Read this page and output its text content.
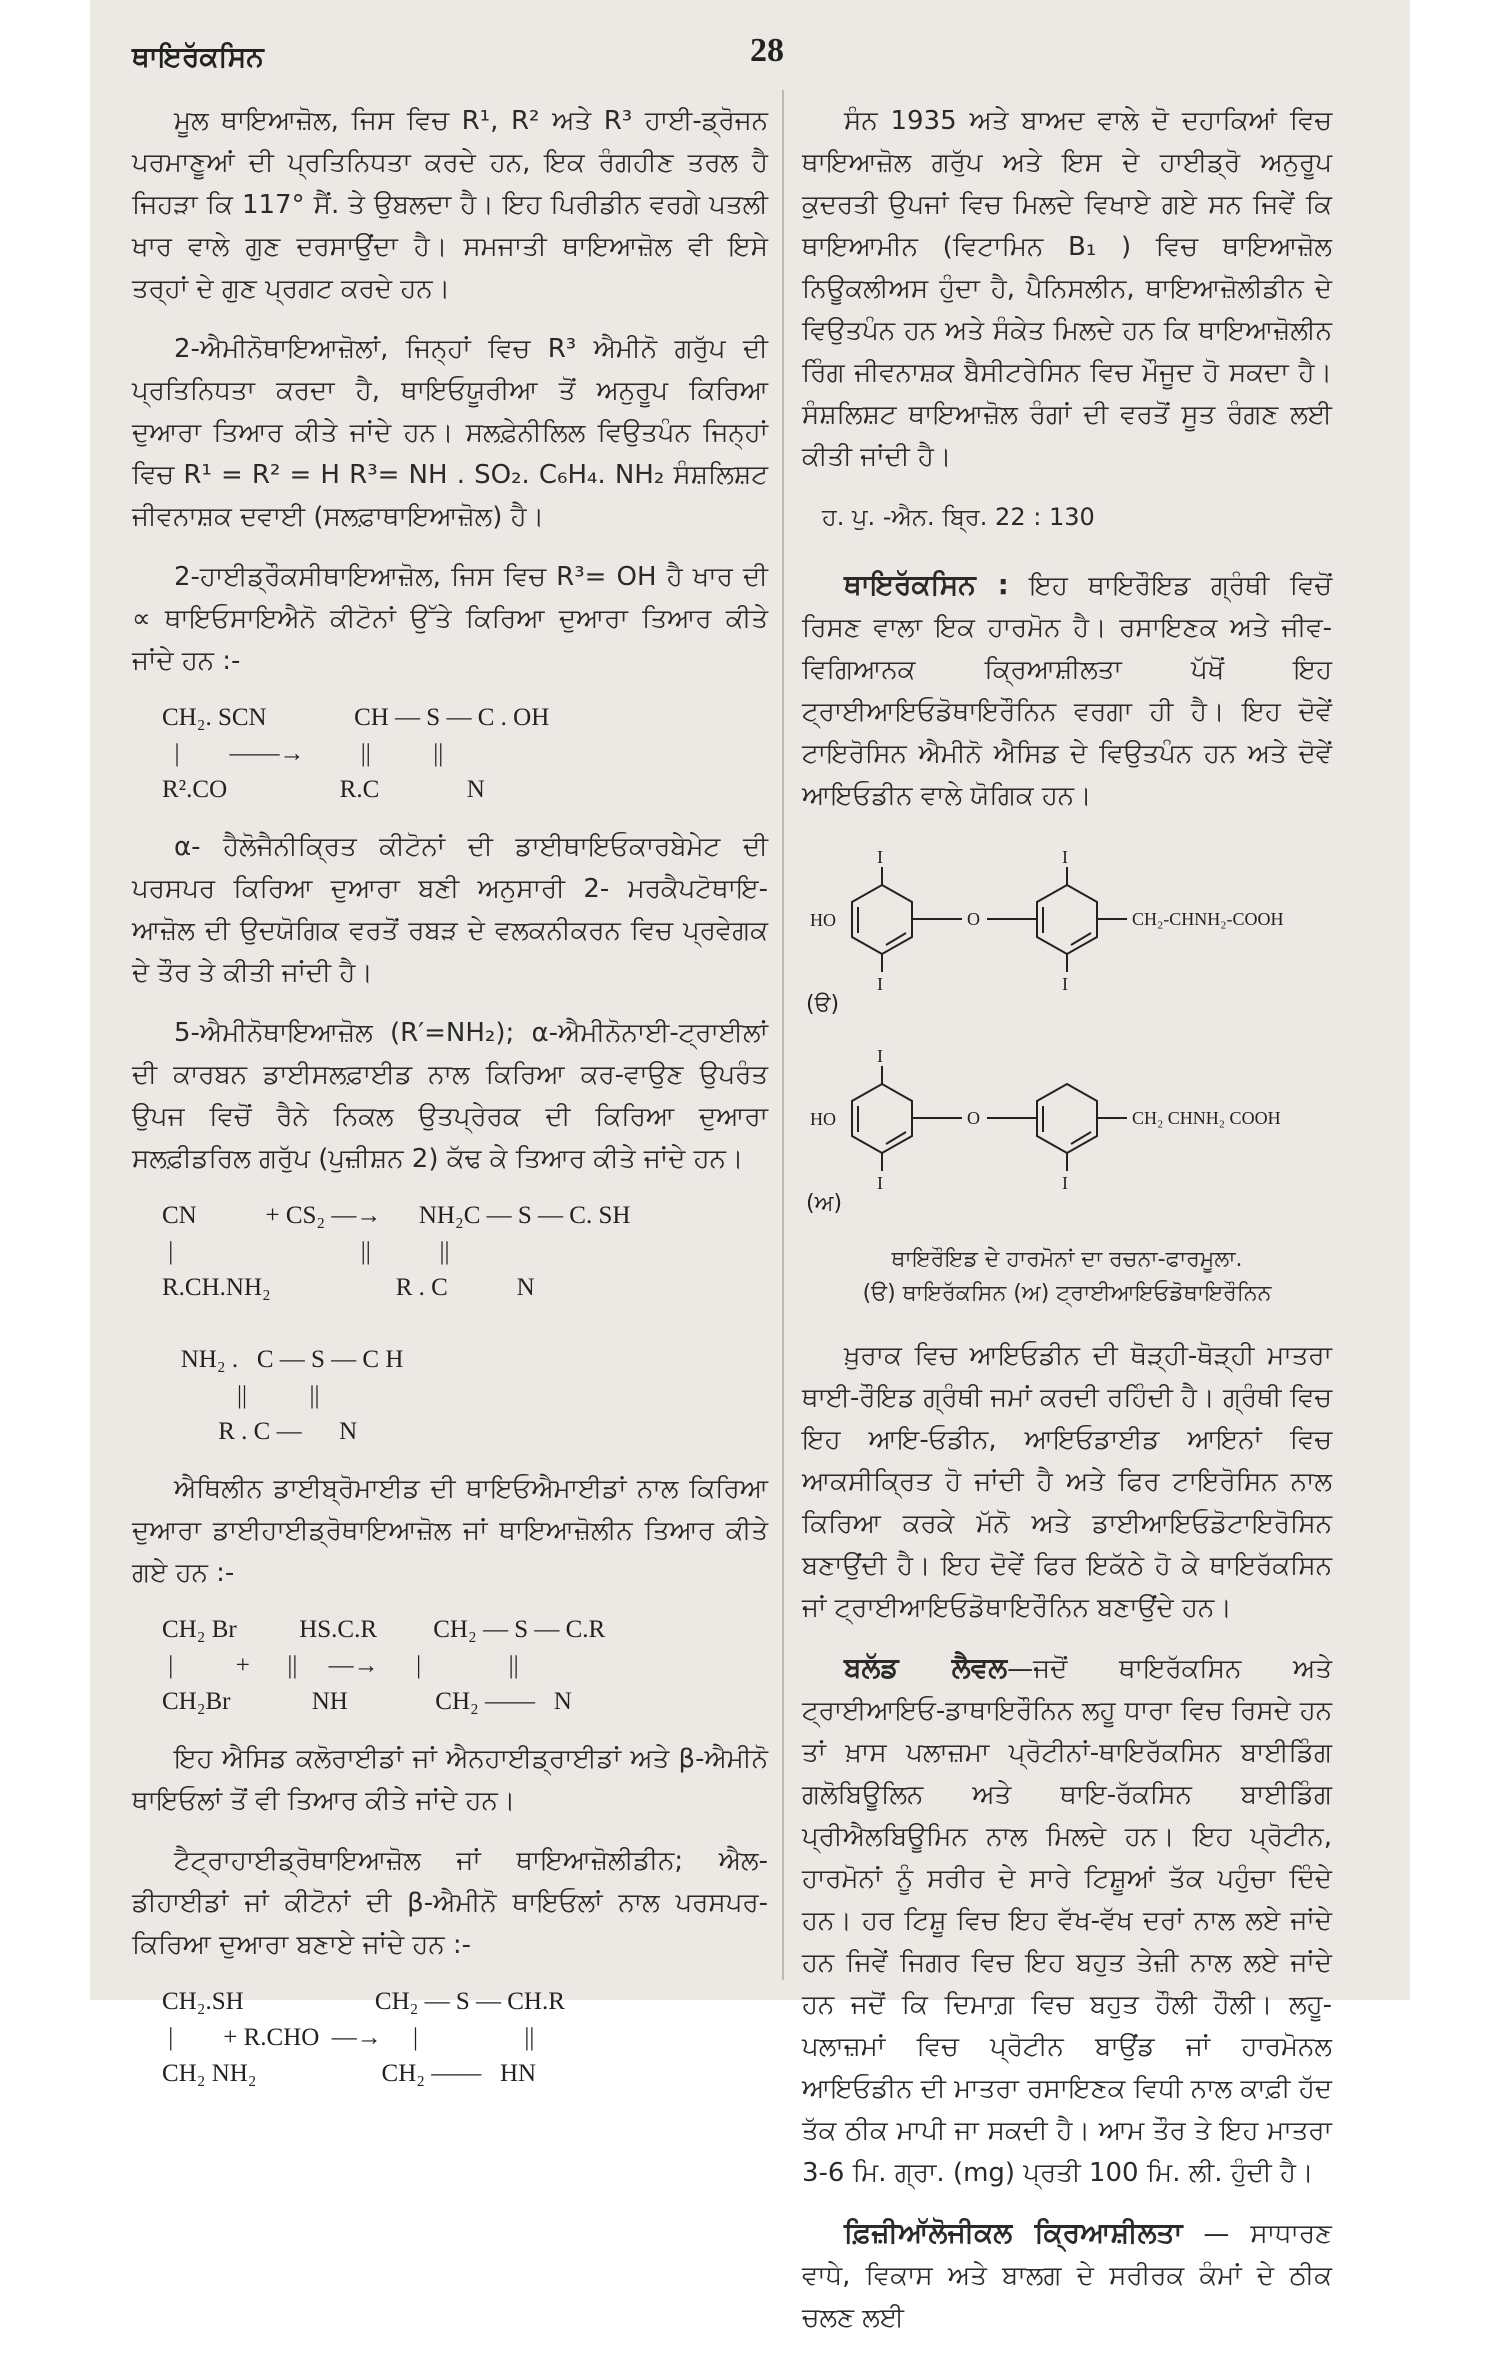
ਥਾਇਰੱਕਸਿਨ	28

ਮੂਲ ਥਾਇਆਜ਼ੋਲ, ਜਿਸ ਵਿਚ R¹, R² ਅਤੇ R³ ਹਾਈ-ਡ੍ਰੋਜਨ ਪਰਮਾਣੂਆਂ ਦੀ ਪ੍ਰਤਿਨਿਧਤਾ ਕਰਦੇ ਹਨ, ਇਕ ਰੰਗਹੀਣ ਤਰਲ ਹੈ ਜਿਹੜਾ ਕਿ 117° ਸੈਂ. ਤੇ ਉਬਲਦਾ ਹੈ। ਇਹ ਪਿਰੀਡੀਨ ਵਰਗੇ ਪਤਲੀ ਖਾਰ ਵਾਲੇ ਗੁਣ ਦਰਸਾਉਂਦਾ ਹੈ। ਸਮਜਾਤੀ ਥਾਇਆਜ਼ੋਲ ਵੀ ਇਸੇ ਤਰ੍ਹਾਂ ਦੇ ਗੁਣ ਪ੍ਰਗਟ ਕਰਦੇ ਹਨ।

2-ਐਮੀਨੋਥਾਇਆਜ਼ੋਲਾਂ, ਜਿਨ੍ਹਾਂ ਵਿਚ R³ ਐਮੀਨੋ ਗਰੁੱਪ ਦੀ ਪ੍ਰਤਿਨਿਧਤਾ ਕਰਦਾ ਹੈ, ਥਾਇਓਯੂਰੀਆ ਤੋਂ ਅਨੁਰੂਪ ਕਿਰਿਆ ਦੁਆਰਾ ਤਿਆਰ ਕੀਤੇ ਜਾਂਦੇ ਹਨ। ਸਲਫ਼ੇਨੀਲਿਲ ਵਿਉਤਪੰਨ ਜਿਨ੍ਹਾਂ ਵਿਚ R¹ = R² = H R³= NH . SO₂. C₆H₄. NH₂ ਸੰਸ਼ਲਿਸ਼ਟ ਜੀਵਨਾਸ਼ਕ ਦਵਾਈ (ਸਲਫ਼ਾਥਾਇਆਜ਼ੋਲ) ਹੈ।

2-ਹਾਈਡ੍ਰੌਕਸੀਥਾਇਆਜ਼ੋਲ, ਜਿਸ ਵਿਚ R³= OH ਹੈ ਖਾਰ ਦੀ ∝ ਥਾਇਓਸਾਇਐਨੋ ਕੀਟੋਨਾਂ ਉੱਤੇ ਕਿਰਿਆ ਦੁਆਰਾ ਤਿਆਰ ਕੀਤੇ ਜਾਂਦੇ ਹਨ :-

CH₂. SCN              CH — S — C . OH
|        ——→         ||          ||
R².CO                  R.C              N

α- ਹੈਲੋਜੈਨੀਕ੍ਰਿਤ ਕੀਟੋਨਾਂ ਦੀ ਡਾਈਥਾਇਓਕਾਰਬੇਮੇਟ ਦੀ ਪਰਸਪਰ ਕਿਰਿਆ ਦੁਆਰਾ ਬਣੀ ਅਨੁਸਾਰੀ 2- ਮਰਕੈਪਟੋਥਾਇ-ਆਜ਼ੋਲ ਦੀ ਉਦਯੋਗਿਕ ਵਰਤੋਂ ਰਬੜ ਦੇ ਵਲਕਨੀਕਰਨ ਵਿਚ ਪ੍ਰਵੇਗਕ ਦੇ ਤੌਰ ਤੇ ਕੀਤੀ ਜਾਂਦੀ ਹੈ।

5-ਐਮੀਨੋਥਾਇਆਜ਼ੋਲ (R′=NH₂); α-ਐਮੀਨੋਨਾਈ-ਟ੍ਰਾਈਲਾਂ ਦੀ ਕਾਰਬਨ ਡਾਈਸਲਫ਼ਾਈਡ ਨਾਲ ਕਿਰਿਆ ਕਰ-ਵਾਉਣ ਉਪਰੰਤ ਉਪਜ ਵਿਚੋਂ ਰੈਨੇ ਨਿਕਲ ਉਤਪ੍ਰੇਰਕ ਦੀ ਕਿਰਿਆ ਦੁਆਰਾ ਸਲਫ਼ੀਡਰਿਲ ਗਰੁੱਪ (ਪੁਜ਼ੀਸ਼ਨ 2) ਕੱਢ ਕੇ ਤਿਆਰ ਕੀਤੇ ਜਾਂਦੇ ਹਨ।

CN           + CS₂ —→      NH₂C — S — C. SH
|                              ||           ||
R.CH.NH₂                    R . C           N

NH₂ .   C — S — C H
||          ||
R . C —      N

ਐਥਿਲੀਨ ਡਾਈਬ੍ਰੋਮਾਈਡ ਦੀ ਥਾਇਓਐਮਾਈਡਾਂ ਨਾਲ ਕਿਰਿਆ ਦੁਆਰਾ ਡਾਈਹਾਈਡ੍ਰੋਥਾਇਆਜ਼ੋਲ ਜਾਂ ਥਾਇਆਜ਼ੋਲੀਨ ਤਿਆਰ ਕੀਤੇ ਗਏ ਹਨ :-

CH₂ Br          HS.C.R         CH₂ — S — C.R
|          +      ||     —→      |              ||
CH₂Br             NH              CH₂ ——   N

ਇਹ ਐਸਿਡ ਕਲੋਰਾਈਡਾਂ ਜਾਂ ਐਨਹਾਈਡ੍ਰਾਈਡਾਂ ਅਤੇ β-ਐਮੀਨੋ ਥਾਇਓਲਾਂ ਤੋਂ ਵੀ ਤਿਆਰ ਕੀਤੇ ਜਾਂਦੇ ਹਨ।

ਟੈਟ੍ਰਾਹਾਈਡ੍ਰੋਥਾਇਆਜ਼ੋਲ ਜਾਂ ਥਾਇਆਜ਼ੋਲੀਡੀਨ; ਐਲ-ਡੀਹਾਈਡਾਂ ਜਾਂ ਕੀਟੋਨਾਂ ਦੀ β-ਐਮੀਨੋ ਥਾਇਓਲਾਂ ਨਾਲ ਪਰਸਪਰ-ਕਿਰਿਆ ਦੁਆਰਾ ਬਣਾਏ ਜਾਂਦੇ ਹਨ :-

CH₂.SH                     CH₂ — S — CH.R
|        + R.CHO  —→     |                 ||
CH₂ NH₂                    CH₂ ——   HN

ਸੰਨ 1935 ਅਤੇ ਬਾਅਦ ਵਾਲੇ ਦੋ ਦਹਾਕਿਆਂ ਵਿਚ ਥਾਇਆਜ਼ੋਲ ਗਰੁੱਪ ਅਤੇ ਇਸ ਦੇ ਹਾਈਡ੍ਰੋ ਅਨੁਰੂਪ ਕੁਦਰਤੀ ਉਪਜਾਂ ਵਿਚ ਮਿਲਦੇ ਵਿਖਾਏ ਗਏ ਸਨ ਜਿਵੇਂ ਕਿ ਥਾਇਆਮੀਨ (ਵਿਟਾਮਿਨ B₁ ) ਵਿਚ ਥਾਇਆਜ਼ੋਲ ਨਿਊਕਲੀਅਸ ਹੁੰਦਾ ਹੈ, ਪੈਨਿਸਲੀਨ, ਥਾਇਆਜ਼ੋਲੀਡੀਨ ਦੇ ਵਿਉਤਪੰਨ ਹਨ ਅਤੇ ਸੰਕੇਤ ਮਿਲਦੇ ਹਨ ਕਿ ਥਾਇਆਜ਼ੋਲੀਨ ਰਿੰਗ ਜੀਵਨਾਸ਼ਕ ਬੈਸੀਟਰੇਸਿਨ ਵਿਚ ਮੌਜੂਦ ਹੋ ਸਕਦਾ ਹੈ। ਸੰਸ਼ਲਿਸ਼ਟ ਥਾਇਆਜ਼ੋਲ ਰੰਗਾਂ ਦੀ ਵਰਤੋਂ ਸੂਤ ਰੰਗਣ ਲਈ ਕੀਤੀ ਜਾਂਦੀ ਹੈ।

ਹ. ਪੁ. -ਐਨ. ਬ੍ਰਿ. 22 : 130

ਥਾਇਰੱਕਸਿਨ : ਇਹ ਥਾਇਰੌਇਡ ਗ੍ਰੰਥੀ ਵਿਚੋਂ ਰਿਸਣ ਵਾਲਾ ਇਕ ਹਾਰਮੋਨ ਹੈ। ਰਸਾਇਣਕ ਅਤੇ ਜੀਵ-ਵਿਗਿਆਨਕ ਕ੍ਰਿਆਸ਼ੀਲਤਾ ਪੱਖੋਂ ਇਹ ਟ੍ਰਾਈਆਇਓਡੋਥਾਇਰੌਨਿਨ ਵਰਗਾ ਹੀ ਹੈ। ਇਹ ਦੋਵੇਂ ਟਾਇਰੋਸਿਨ ਐਮੀਨੋ ਐਸਿਡ ਦੇ ਵਿਉਤਪੰਨ ਹਨ ਅਤੇ ਦੋਵੇਂ ਆਇਓਡੀਨ ਵਾਲੇ ਯੋਗਿਕ ਹਨ।

HO	O	CH₂-CHNH₂-COOH
I
I
I
I
(ੳ)

HO	O	CH₂ CHNH₂ COOH
I
I	I
(ਅ)
ਥਾਇਰੌਇਡ ਦੇ ਹਾਰਮੋਨਾਂ ਦਾ ਰਚਨਾ-ਫਾਰਮੂਲਾ.
(ੳ) ਥਾਇਰੱਕਸਿਨ (ਅ) ਟ੍ਰਾਈਆਇਓਡੋਥਾਇਰੌਨਿਨ

ਖ਼ੁਰਾਕ ਵਿਚ ਆਇਓਡੀਨ ਦੀ ਥੋੜ੍ਹੀ-ਥੋੜ੍ਹੀ ਮਾਤਰਾ ਥਾਈ-ਰੌਇਡ ਗ੍ਰੰਥੀ ਜਮਾਂ ਕਰਦੀ ਰਹਿੰਦੀ ਹੈ। ਗ੍ਰੰਥੀ ਵਿਚ ਇਹ ਆਇ-ਓਡੀਨ, ਆਇਓਡਾਈਡ ਆਇਨਾਂ ਵਿਚ ਆਕਸੀਕ੍ਰਿਤ ਹੋ ਜਾਂਦੀ ਹੈ ਅਤੇ ਫਿਰ ਟਾਇਰੋਸਿਨ ਨਾਲ ਕਿਰਿਆ ਕਰਕੇ ਮੱਨੋ ਅਤੇ ਡਾਈਆਇਓਡੋਟਾਇਰੋਸਿਨ ਬਣਾਉਂਦੀ ਹੈ। ਇਹ ਦੋਵੇਂ ਫਿਰ ਇਕੱਠੇ ਹੋ ਕੇ ਥਾਇਰੱਕਸਿਨ ਜਾਂ ਟ੍ਰਾਈਆਇਓਡੋਥਾਇਰੌਨਿਨ ਬਣਾਉਂਦੇ ਹਨ।

ਬਲੱਡ ਲੈਵਲ—ਜਦੋਂ ਥਾਇਰੱਕਸਿਨ ਅਤੇ ਟ੍ਰਾਈਆਇਓ-ਡਾਥਾਇਰੌਨਿਨ ਲਹੂ ਧਾਰਾ ਵਿਚ ਰਿਸਦੇ ਹਨ ਤਾਂ ਖ਼ਾਸ ਪਲਾਜ਼ਮਾ ਪ੍ਰੋਟੀਨਾਂ-ਥਾਇਰੱਕਸਿਨ ਬਾਈਡਿੰਗ ਗਲੋਬਿਊਲਿਨ ਅਤੇ ਥਾਇ-ਰੱਕਸਿਨ ਬਾਈਡਿੰਗ ਪ੍ਰੀਐਲਬਿਊਮਿਨ ਨਾਲ ਮਿਲਦੇ ਹਨ। ਇਹ ਪ੍ਰੋਟੀਨ, ਹਾਰਮੋਨਾਂ ਨੂੰ ਸਰੀਰ ਦੇ ਸਾਰੇ ਟਿਸ਼ੂਆਂ ਤੱਕ ਪਹੁੰਚਾ ਦਿੰਦੇ ਹਨ। ਹਰ ਟਿਸ਼ੂ ਵਿਚ ਇਹ ਵੱਖ-ਵੱਖ ਦਰਾਂ ਨਾਲ ਲਏ ਜਾਂਦੇ ਹਨ ਜਿਵੇਂ ਜਿਗਰ ਵਿਚ ਇਹ ਬਹੁਤ ਤੇਜ਼ੀ ਨਾਲ ਲਏ ਜਾਂਦੇ ਹਨ ਜਦੋਂ ਕਿ ਦਿਮਾਗ਼ ਵਿਚ ਬਹੁਤ ਹੌਲੀ ਹੌਲੀ। ਲਹੂ-ਪਲਾਜ਼ਮਾਂ ਵਿਚ ਪ੍ਰੋਟੀਨ ਬਾਉਂਡ ਜਾਂ ਹਾਰਮੋਨਲ ਆਇਓਡੀਨ ਦੀ ਮਾਤਰਾ ਰਸਾਇਣਕ ਵਿਧੀ ਨਾਲ ਕਾਫ਼ੀ ਹੱਦ ਤੱਕ ਠੀਕ ਮਾਪੀ ਜਾ ਸਕਦੀ ਹੈ। ਆਮ ਤੌਰ ਤੇ ਇਹ ਮਾਤਰਾ 3-6 ਮਿ. ਗ੍ਰਾ. (mg) ਪ੍ਰਤੀ 100 ਮਿ. ਲੀ. ਹੁੰਦੀ ਹੈ।

ਫ਼ਿਜ਼ੀਆੱਲੋਜੀਕਲ ਕ੍ਰਿਆਸ਼ੀਲਤਾ — ਸਾਧਾਰਣ ਵਾਧੇ, ਵਿਕਾਸ ਅਤੇ ਬਾਲਗ ਦੇ ਸਰੀਰਕ ਕੰਮਾਂ ਦੇ ਠੀਕ ਚਲਣ ਲਈ
